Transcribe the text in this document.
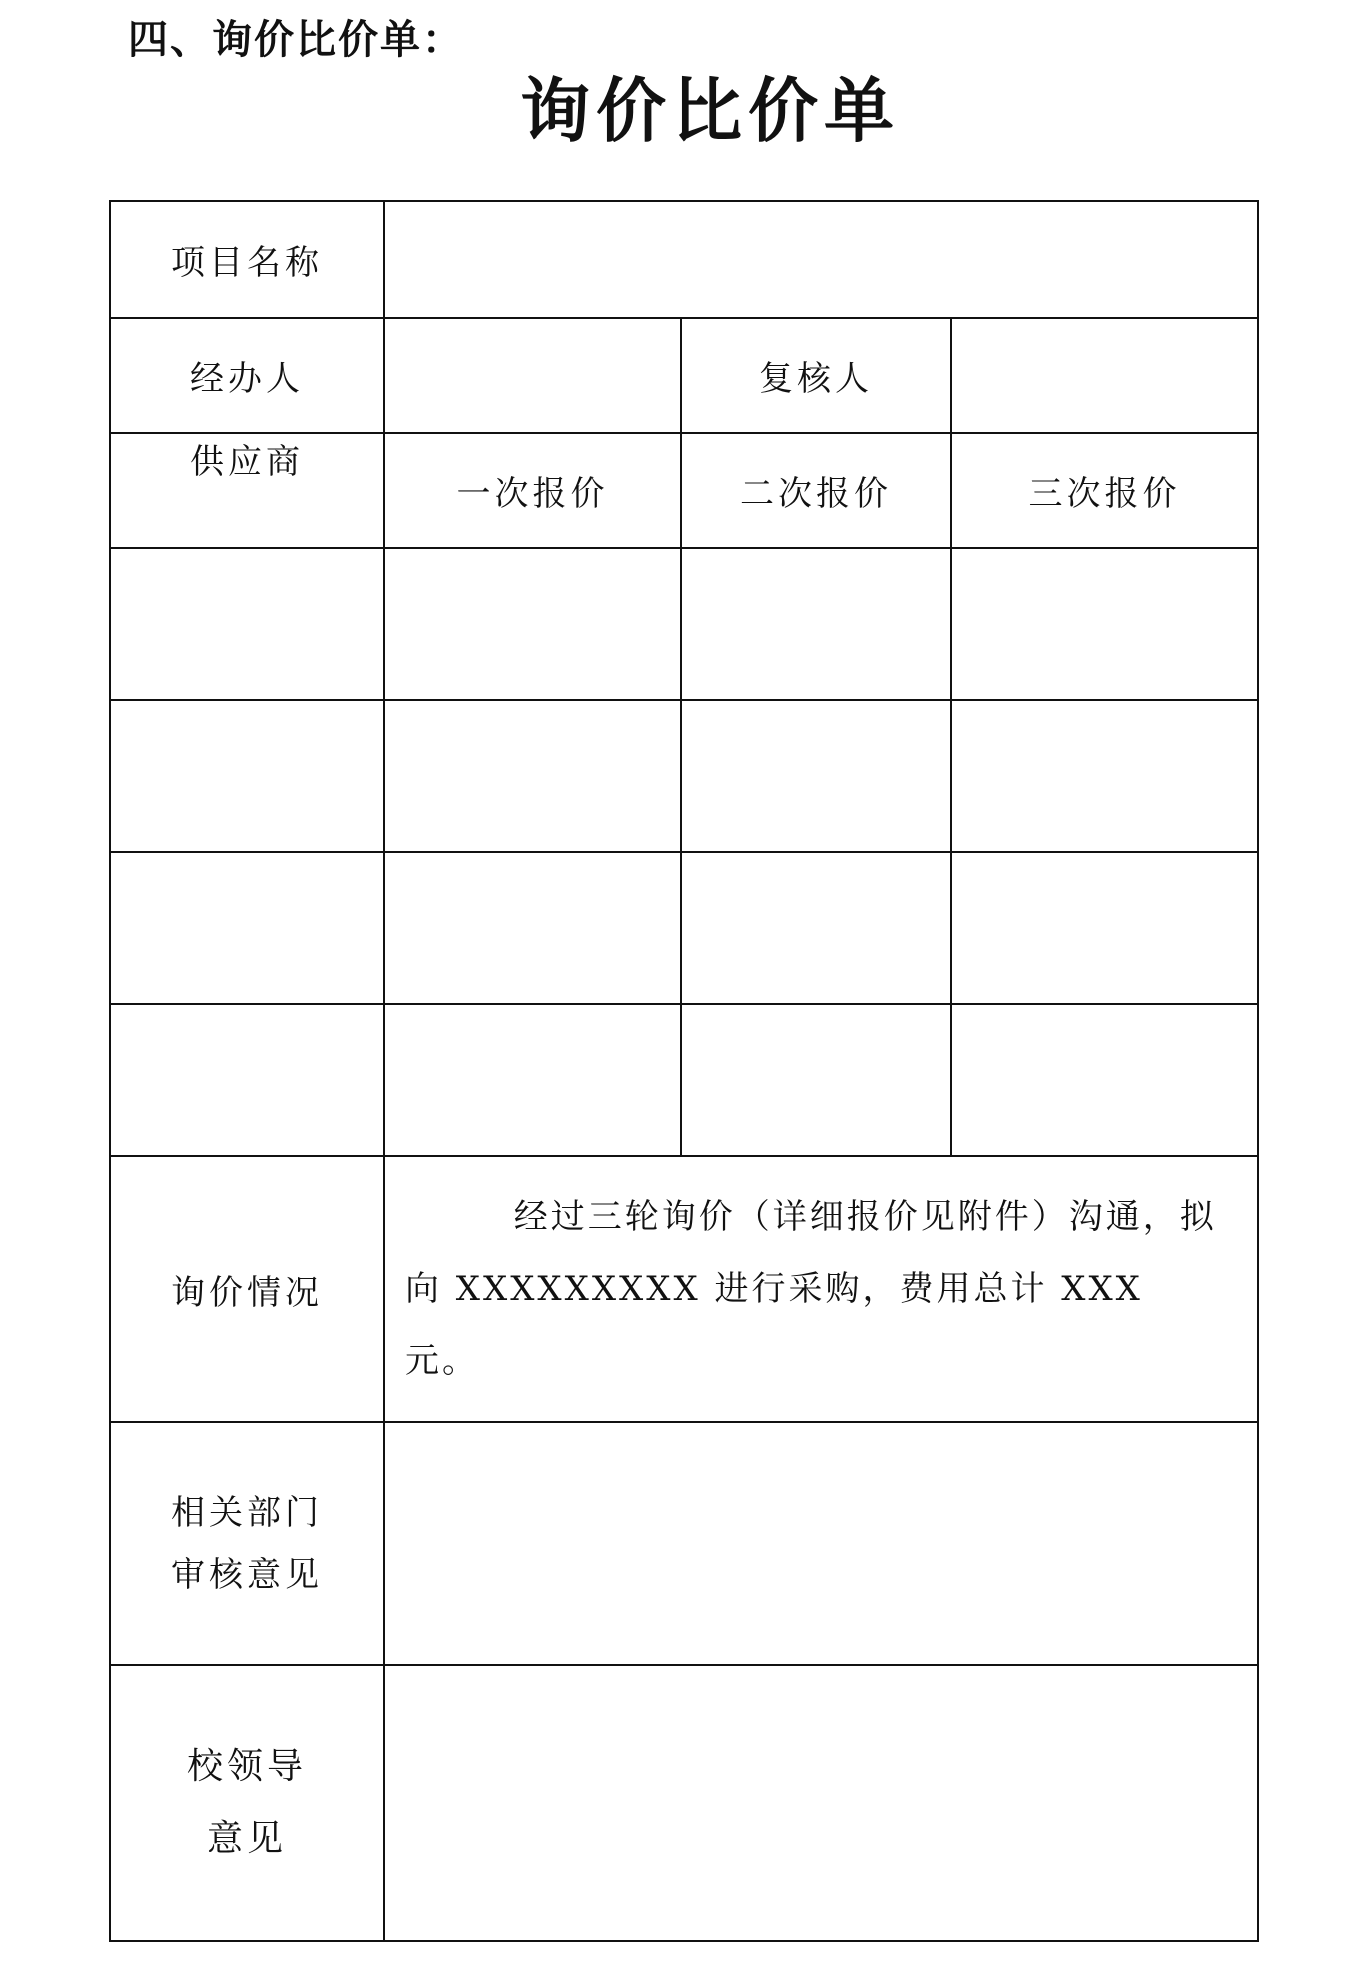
四、询价比价单：
询价比价单
项目名称			
经办人		复核人	
供应商	一次报价	二次报价	三次报价

询价情况	经过三轮询价（详细报价见附件）沟通，拟向 XXXXXXXXX 进行采购，费用总计 XXX 元。		

相关部门
审核意见			

校领导
意见			
